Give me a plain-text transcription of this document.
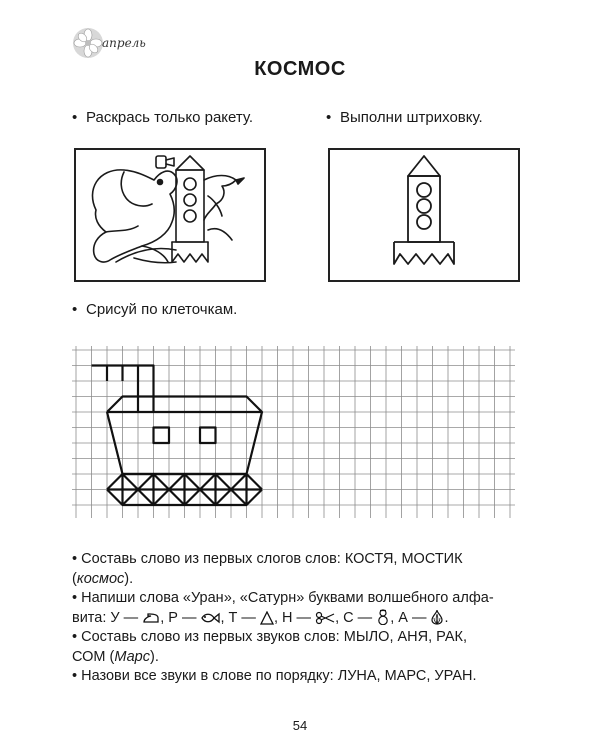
апрель
КОСМОС
• Раскрась только ракету.	• Выполни штриховку.
• Срисуй по клеточкам.

• Составь слово из первых слогов слов: КОСТЯ, МОСТИК

(космос).

• Напиши слова «Уран», «Сатурн» буквами волшебного алфа-

вита: У — , Р — , Т — , Н — , С — , А — .

• Составь слово из первых звуков слов: МЫЛО, АНЯ, РАК,

СОМ (Марс).

• Назови все звуки в слове по порядку: ЛУНА, МАРС, УРАН.

54
